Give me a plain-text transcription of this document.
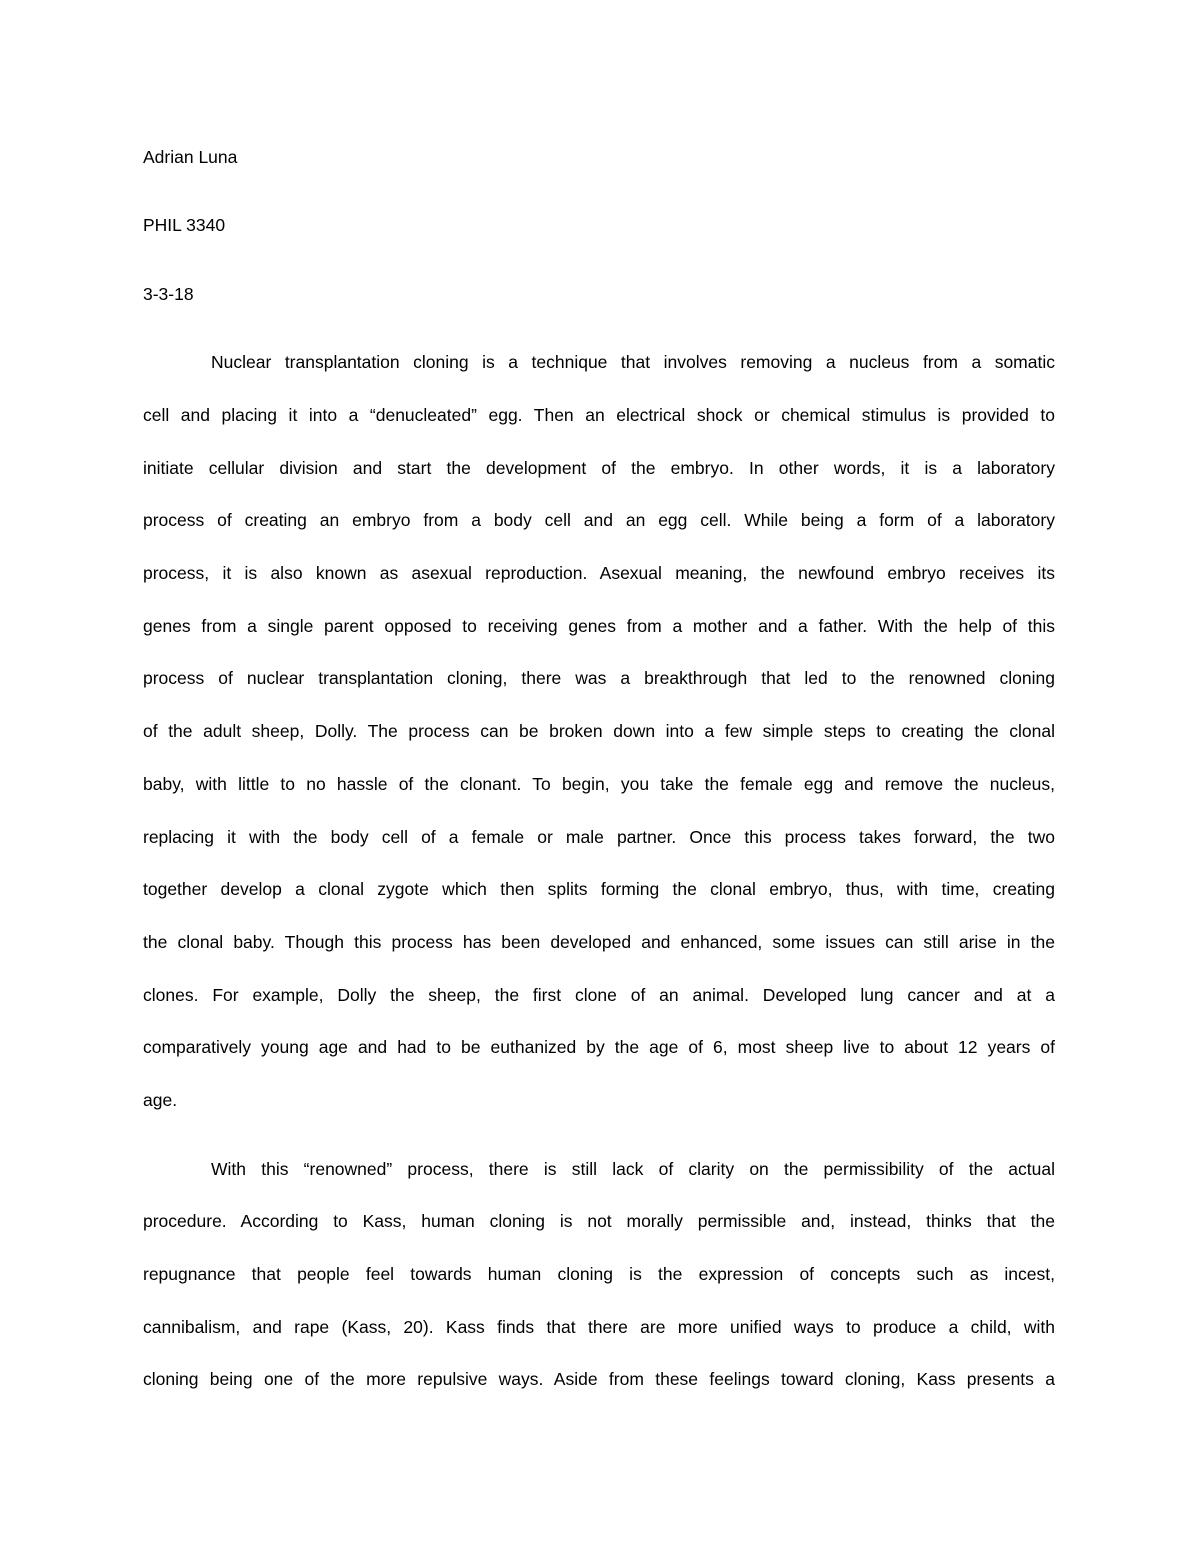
Adrian Luna
PHIL 3340
3-3-18
Nuclear transplantation cloning is a technique that involves removing a nucleus from a somatic
cell and placing it into a “denucleated” egg. Then an electrical shock or chemical stimulus is provided to
initiate cellular division and start the development of the embryo. In other words, it is a laboratory
process of creating an embryo from a body cell and an egg cell. While being a form of a laboratory
process, it is also known as asexual reproduction. Asexual meaning, the newfound embryo receives its
genes from a single parent opposed to receiving genes from a mother and a father. With the help of this
process of nuclear transplantation cloning, there was a breakthrough that led to the renowned cloning
of the adult sheep, Dolly. The process can be broken down into a few simple steps to creating the clonal
baby, with little to no hassle of the clonant. To begin, you take the female egg and remove the nucleus,
replacing it with the body cell of a female or male partner. Once this process takes forward, the two
together develop a clonal zygote which then splits forming the clonal embryo, thus, with time, creating
the clonal baby. Though this process has been developed and enhanced, some issues can still arise in the
clones. For example, Dolly the sheep, the first clone of an animal. Developed lung cancer and at a
comparatively young age and had to be euthanized by the age of 6, most sheep live to about 12 years of
age.
With this “renowned” process, there is still lack of clarity on the permissibility of the actual
procedure. According to Kass, human cloning is not morally permissible and, instead, thinks that the
repugnance that people feel towards human cloning is the expression of concepts such as incest,
cannibalism, and rape (Kass, 20). Kass finds that there are more unified ways to produce a child, with
cloning being one of the more repulsive ways. Aside from these feelings toward cloning, Kass presents a
